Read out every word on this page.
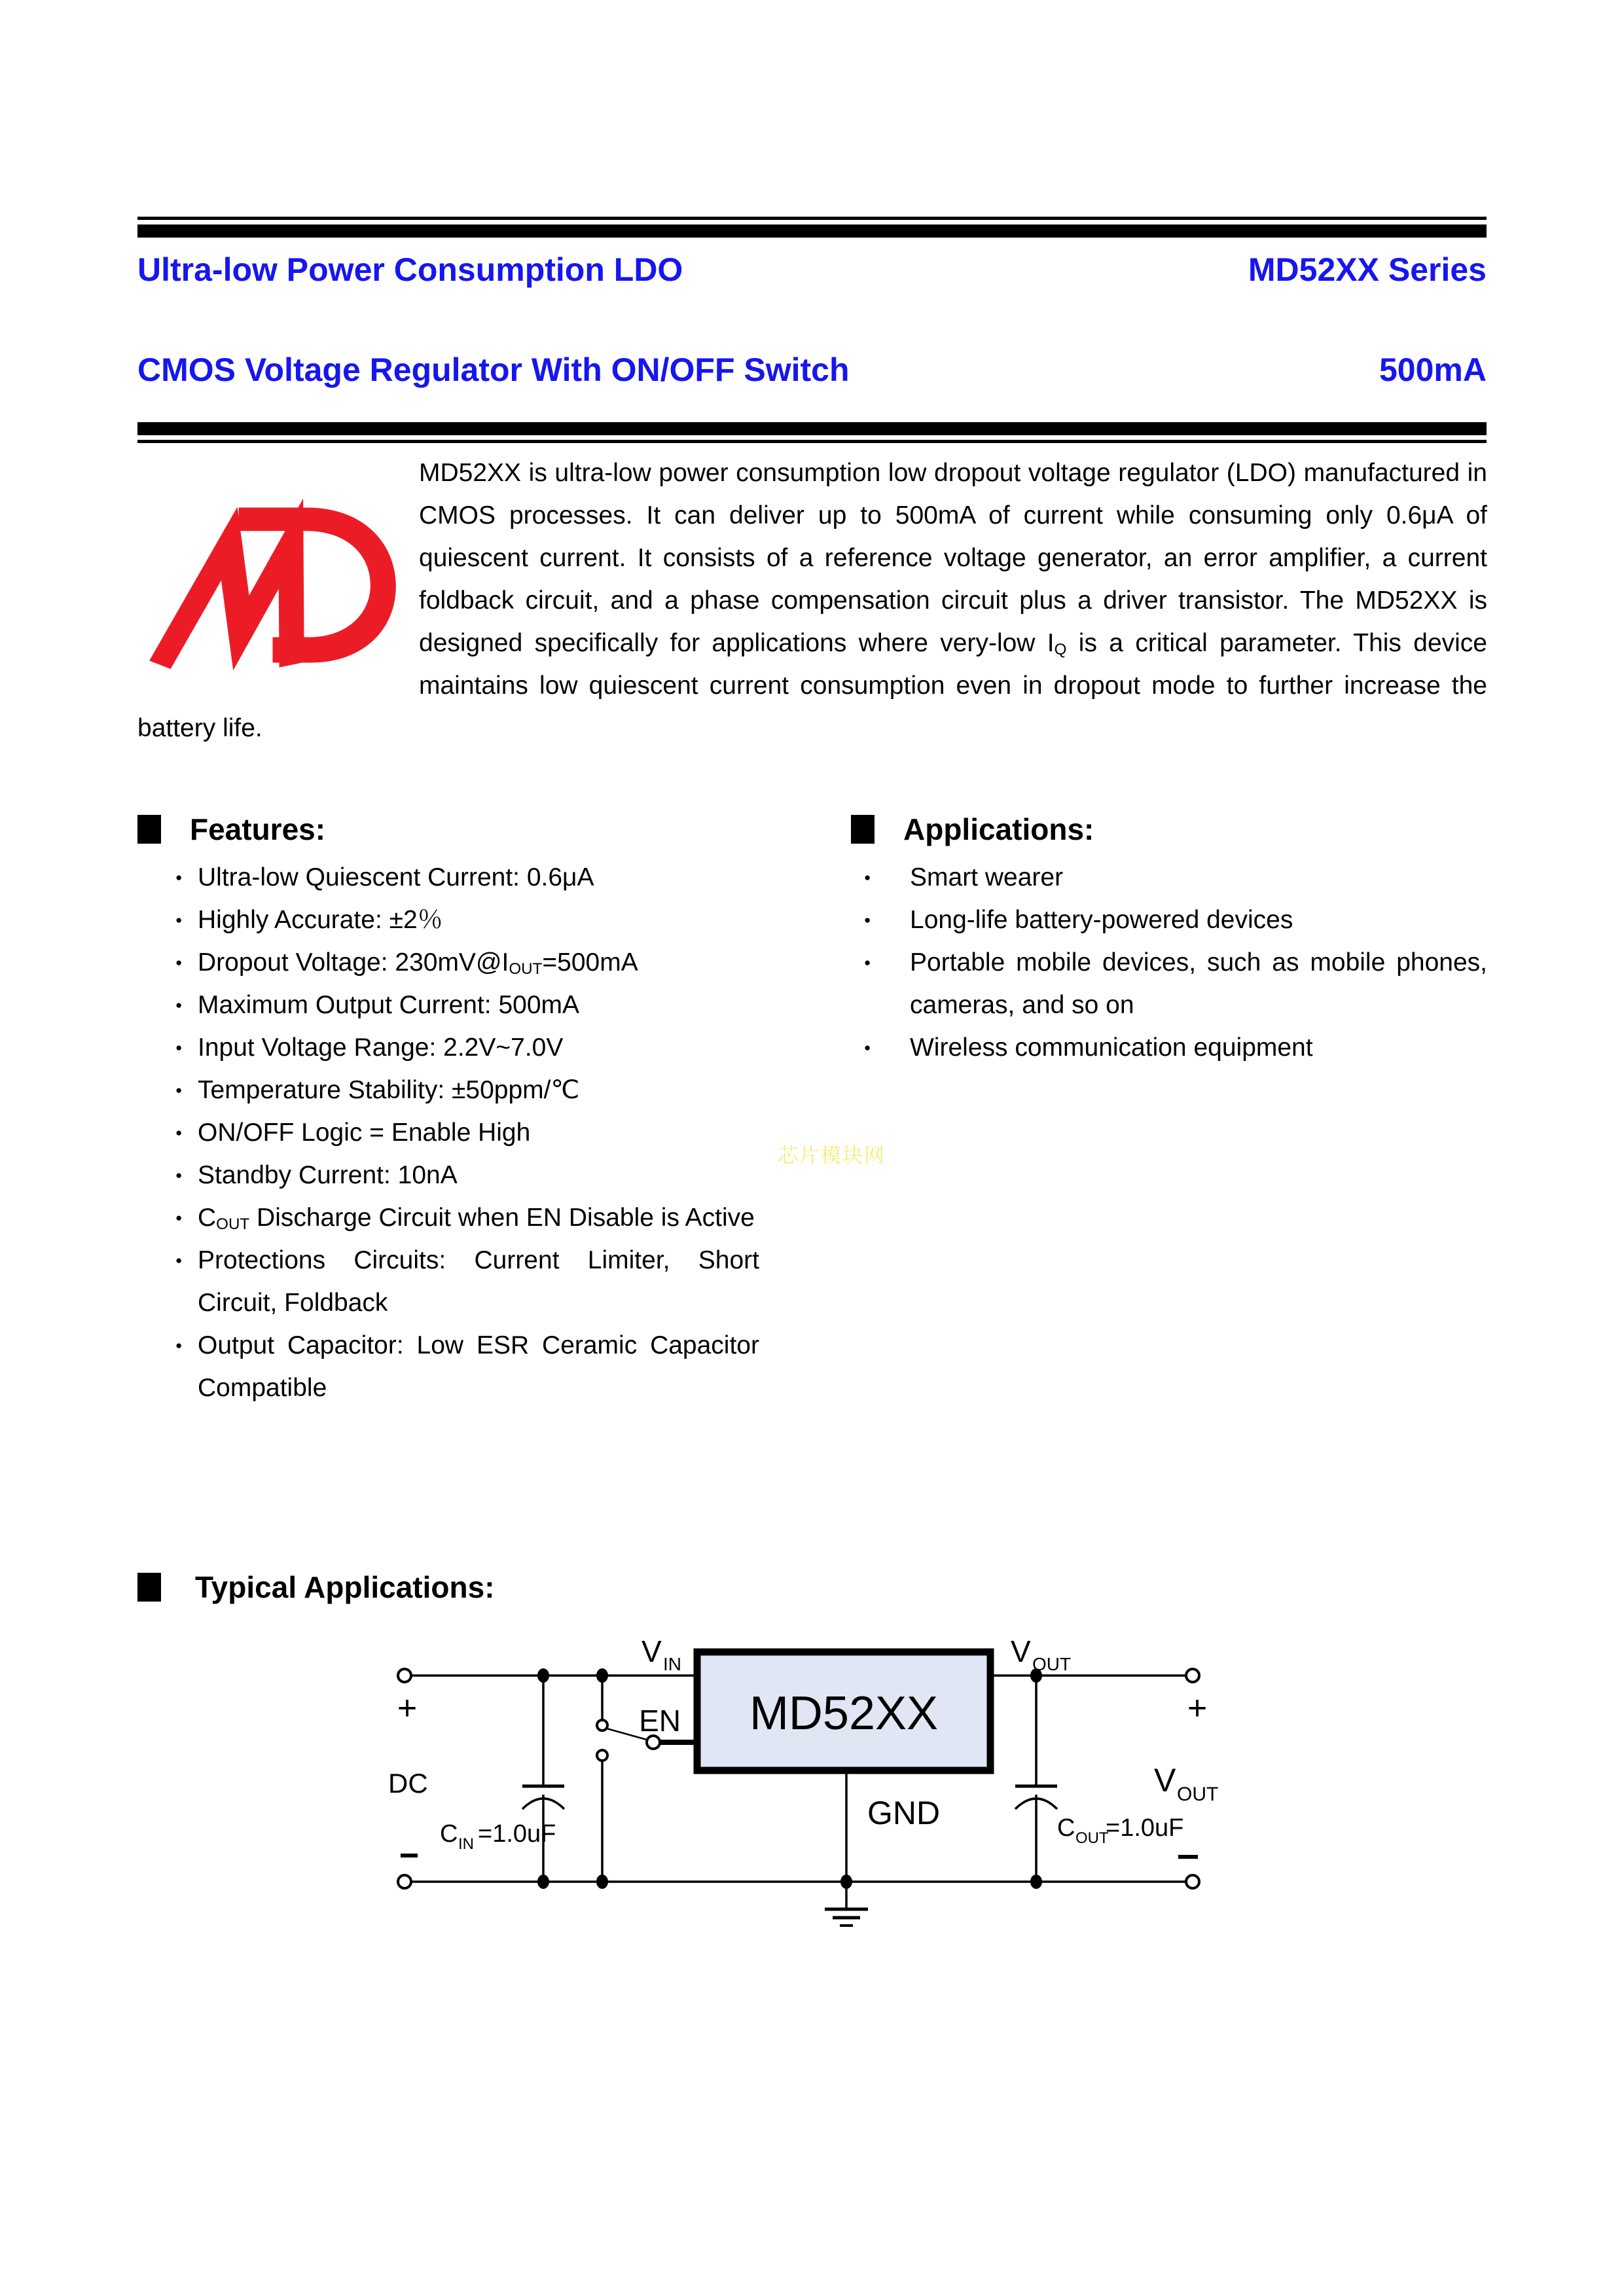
Ultra-low Power Consumption LDO	MD52XX Series
CMOS Voltage Regulator With ON/OFF Switch	500mA

MD52XX is ultra-low power consumption low dropout voltage regulator (LDO) manufactured in CMOS processes. It can deliver up to 500mA of current while consuming only 0.6μA of quiescent current. It consists of a reference voltage generator, an error amplifier, a current foldback circuit, and a phase compensation circuit plus a driver transistor. The MD52XX is designed specifically for applications where very-low $I_Q$ is a critical parameter. This device maintains low quiescent current consumption even in dropout mode to further increase the battery life.

Features:
● Ultra-low Quiescent Current: 0.6μA
● Highly Accurate: ±2％
● Dropout Voltage: $230mV@I_{OUT}=500mA$
● Maximum Output Current: 500mA
● Input Voltage Range: 2.2V~7.0V
● Temperature Stability: ±50ppm/℃
● ON/OFF Logic = Enable High
● Standby Current: 10nA
● $C_{OUT}$ Discharge Circuit when EN Disable is Active
● Protections Circuits: Current Limiter, Short Circuit, Foldback
● Output Capacitor: Low ESR Ceramic Capacitor Compatible
Applications:
● Smart wearer
● Long-life battery-powered devices
● Portable mobile devices, such as mobile phones, cameras, and so on
● Wireless communication equipment
芯片模块网
Typical Applications:
MD52XX
+	+
V IN	V OUT
EN
GND
DC	V OUT
C IN =1.0uF	C OUT
=1.0uF
